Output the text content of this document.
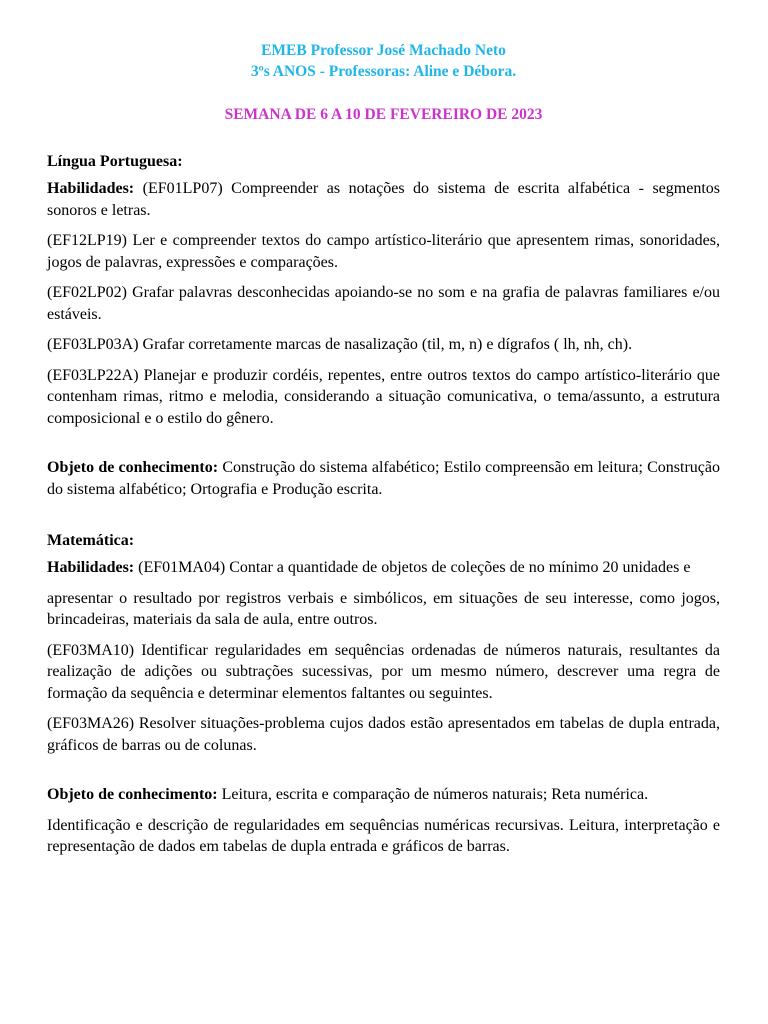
EMEB Professor José Machado Neto
3ºs ANOS - Professoras: Aline e Débora.
SEMANA DE 6 A 10 DE FEVEREIRO DE 2023
Língua Portuguesa:

Habilidades: (EF01LP07) Compreender as notações do sistema de escrita alfabética - segmentos sonoros e letras.

(EF12LP19) Ler e compreender textos do campo artístico-literário que apresentem rimas, sonoridades, jogos de palavras, expressões e comparações.

(EF02LP02) Grafar palavras desconhecidas apoiando-se no som e na grafia de palavras familiares e/ou estáveis.

(EF03LP03A) Grafar corretamente marcas de nasalização (til, m, n) e dígrafos ( lh, nh, ch).

(EF03LP22A) Planejar e produzir cordéis, repentes, entre outros textos do campo artístico-literário que contenham rimas, ritmo e melodia, considerando a situação comunicativa, o tema/assunto, a estrutura composicional e o estilo do gênero.

Objeto de conhecimento: Construção do sistema alfabético; Estilo compreensão em leitura; Construção do sistema alfabético; Ortografia e Produção escrita.

Matemática:

Habilidades: (EF01MA04) Contar a quantidade de objetos de coleções de no mínimo 20 unidades e

apresentar o resultado por registros verbais e simbólicos, em situações de seu interesse, como jogos, brincadeiras, materiais da sala de aula, entre outros.

(EF03MA10) Identificar regularidades em sequências ordenadas de números naturais, resultantes da realização de adições ou subtrações sucessivas, por um mesmo número, descrever uma regra de formação da sequência e determinar elementos faltantes ou seguintes.

(EF03MA26) Resolver situações-problema cujos dados estão apresentados em tabelas de dupla entrada, gráficos de barras ou de colunas.

Objeto de conhecimento: Leitura, escrita e comparação de números naturais; Reta numérica.

Identificação e descrição de regularidades em sequências numéricas recursivas. Leitura, interpretação e representação de dados em tabelas de dupla entrada e gráficos de barras.
